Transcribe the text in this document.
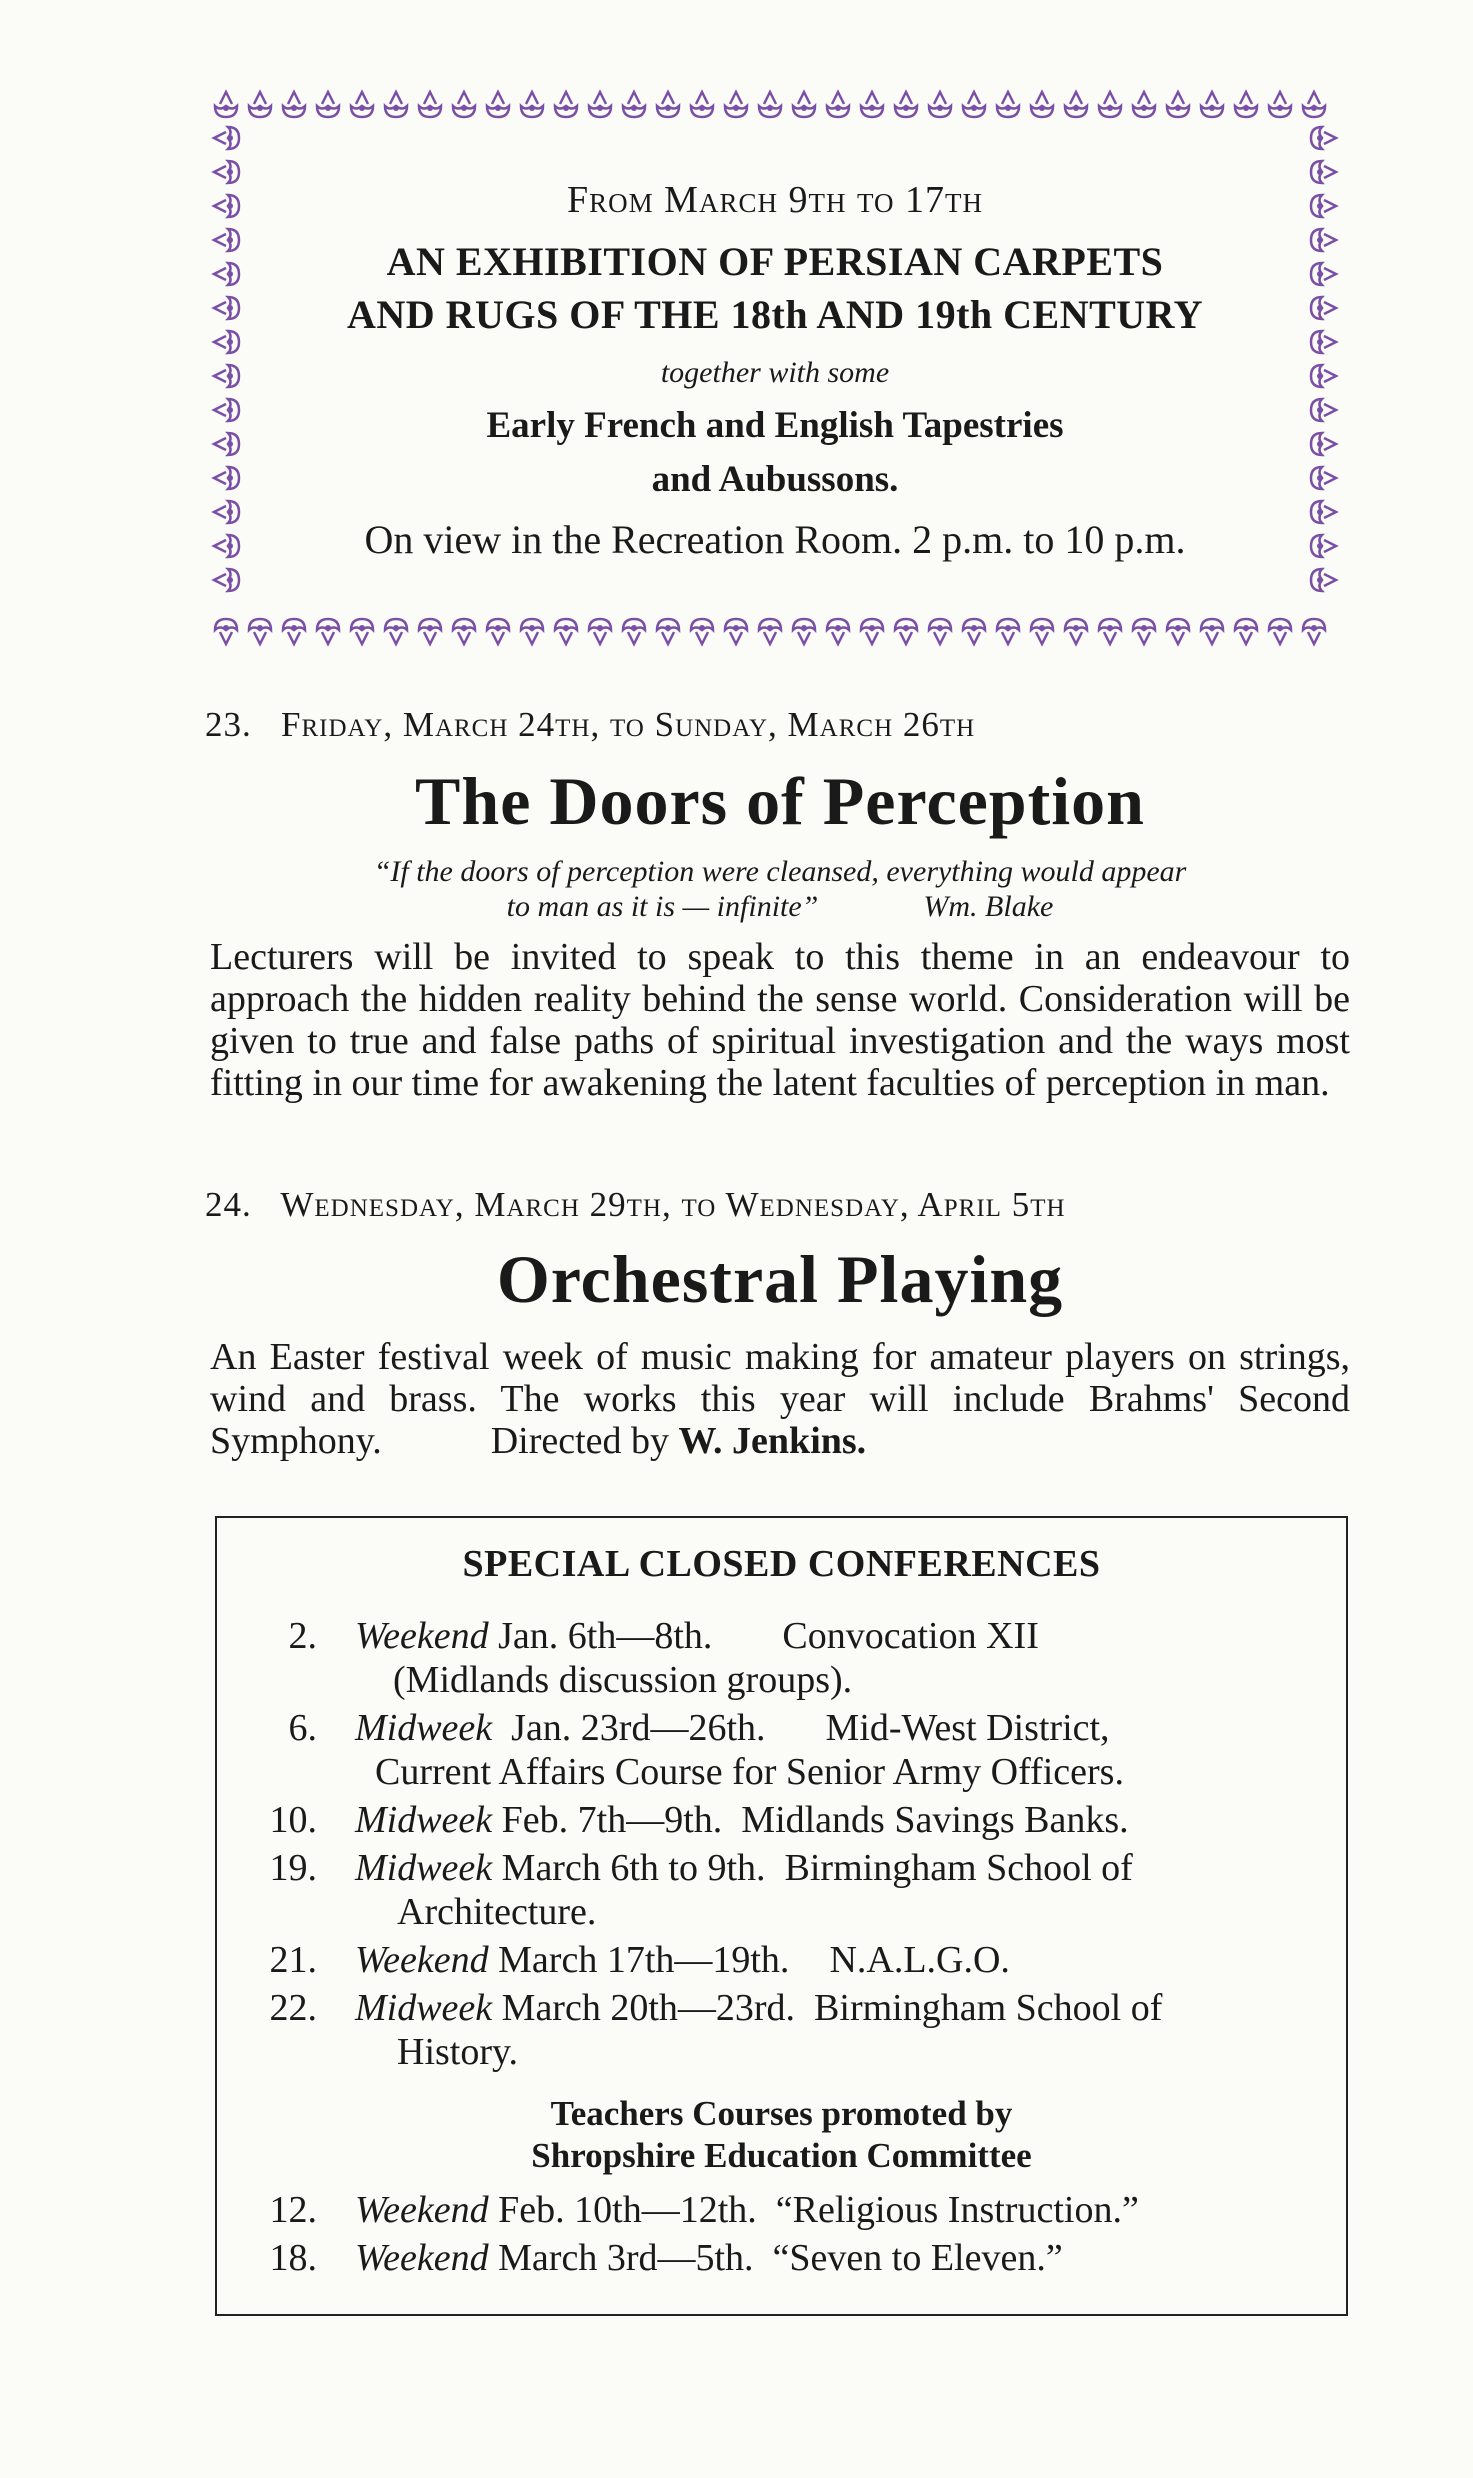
From March 9th to 17th
AN EXHIBITION OF PERSIAN CARPETS
AND RUGS OF THE 18th AND 19th CENTURY
together with some
Early French and English Tapestries
and Aubussons.
On view in the Recreation Room. 2 p.m. to 10 p.m.
23. Friday, March 24th, to Sunday, March 26th
The Doors of Perception
“If the doors of perception were cleansed, everything would appear
to man as it is — infinite”	Wm. Blake
Lecturers will be invited to speak to this theme in an endeavour to approach the hidden reality behind the sense world. Consideration will be given to true and false paths of spiritual investigation and the ways most fitting in our time for awakening the latent faculties of perception in man.
24. Wednesday, March 29th, to Wednesday, April 5th
Orchestral Playing
An Easter festival week of music making for amateur players on strings, wind and brass. The works this year will include Brahms' Second Symphony.	Directed by W. Jenkins.
SPECIAL CLOSED CONFERENCES
2. Weekend Jan. 6th—8th. Convocation XII
(Midlands discussion groups).
6. Midweek Jan. 23rd—26th. Mid-West District,
Current Affairs Course for Senior Army Officers.
10. Midweek Feb. 7th—9th. Midlands Savings Banks.
19. Midweek March 6th to 9th. Birmingham School of
Architecture.
21. Weekend March 17th—19th. N.A.L.G.O.
22. Midweek March 20th—23rd. Birmingham School of
History.
Teachers Courses promoted by
Shropshire Education Committee
12. Weekend Feb. 10th—12th. “Religious Instruction.”
18. Weekend March 3rd—5th. “Seven to Eleven.”
